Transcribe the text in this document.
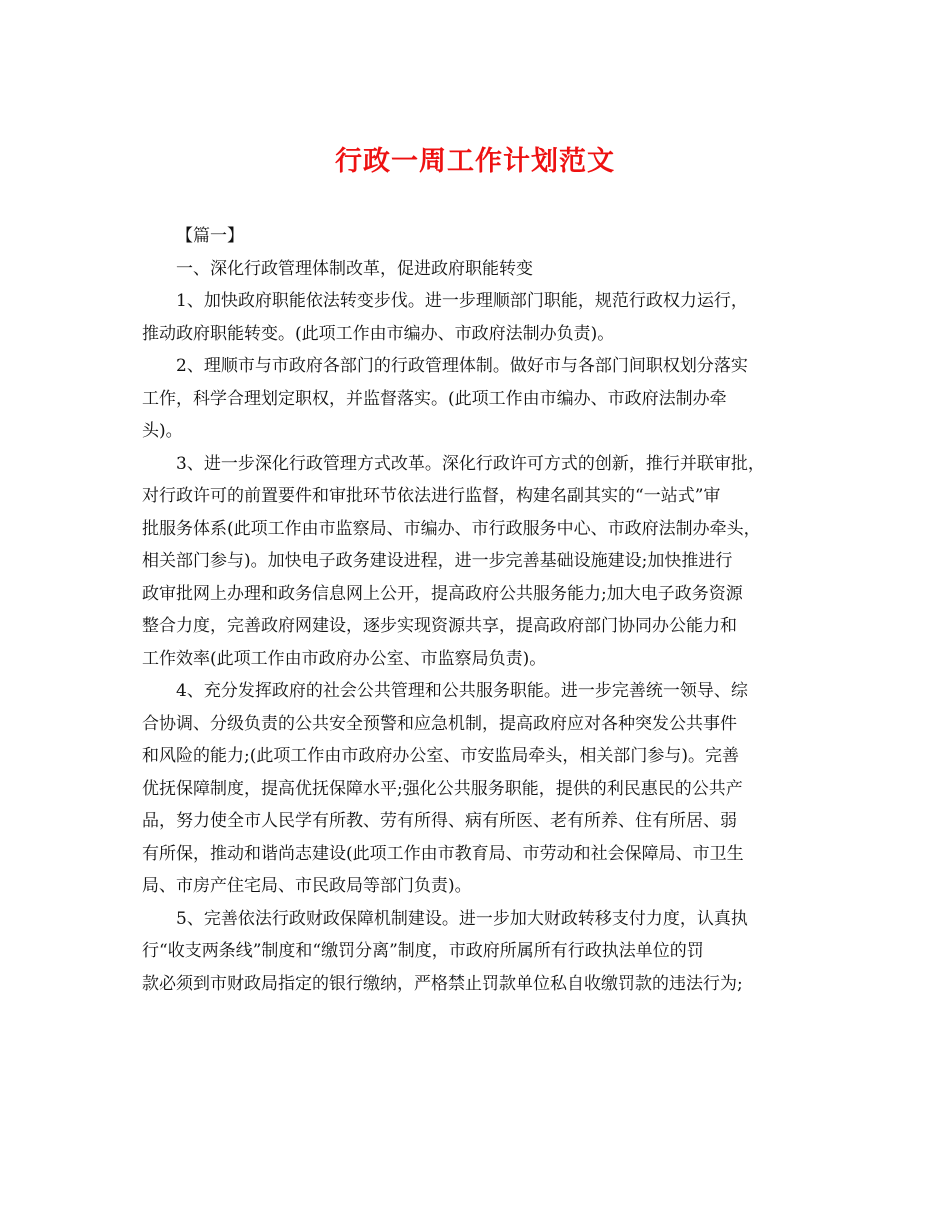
行政一周工作计划范文
【篇一】
一、深化行政管理体制改革，促进政府职能转变
1、加快政府职能依法转变步伐。进一步理顺部门职能，规范行政权力运行，
推动政府职能转变。(此项工作由市编办、市政府法制办负责)。
2、理顺市与市政府各部门的行政管理体制。做好市与各部门间职权划分落实
工作，科学合理划定职权，并监督落实。(此项工作由市编办、市政府法制办牵
头)。
3、进一步深化行政管理方式改革。深化行政许可方式的创新，推行并联审批，
对行政许可的前置要件和审批环节依法进行监督，构建名副其实的“一站式”审
批服务体系(此项工作由市监察局、市编办、市行政服务中心、市政府法制办牵头，
相关部门参与)。加快电子政务建设进程，进一步完善基础设施建设;加快推进行
政审批网上办理和政务信息网上公开，提高政府公共服务能力;加大电子政务资源
整合力度，完善政府网建设，逐步实现资源共享，提高政府部门协同办公能力和
工作效率(此项工作由市政府办公室、市监察局负责)。
4、充分发挥政府的社会公共管理和公共服务职能。进一步完善统一领导、综
合协调、分级负责的公共安全预警和应急机制，提高政府应对各种突发公共事件
和风险的能力;(此项工作由市政府办公室、市安监局牵头，相关部门参与)。完善
优抚保障制度，提高优抚保障水平;强化公共服务职能，提供的利民惠民的公共产
品，努力使全市人民学有所教、劳有所得、病有所医、老有所养、住有所居、弱
有所保，推动和谐尚志建设(此项工作由市教育局、市劳动和社会保障局、市卫生
局、市房产住宅局、市民政局等部门负责)。
5、完善依法行政财政保障机制建设。进一步加大财政转移支付力度，认真执
行“收支两条线”制度和“缴罚分离”制度，市政府所属所有行政执法单位的罚
款必须到市财政局指定的银行缴纳，严格禁止罚款单位私自收缴罚款的违法行为;
